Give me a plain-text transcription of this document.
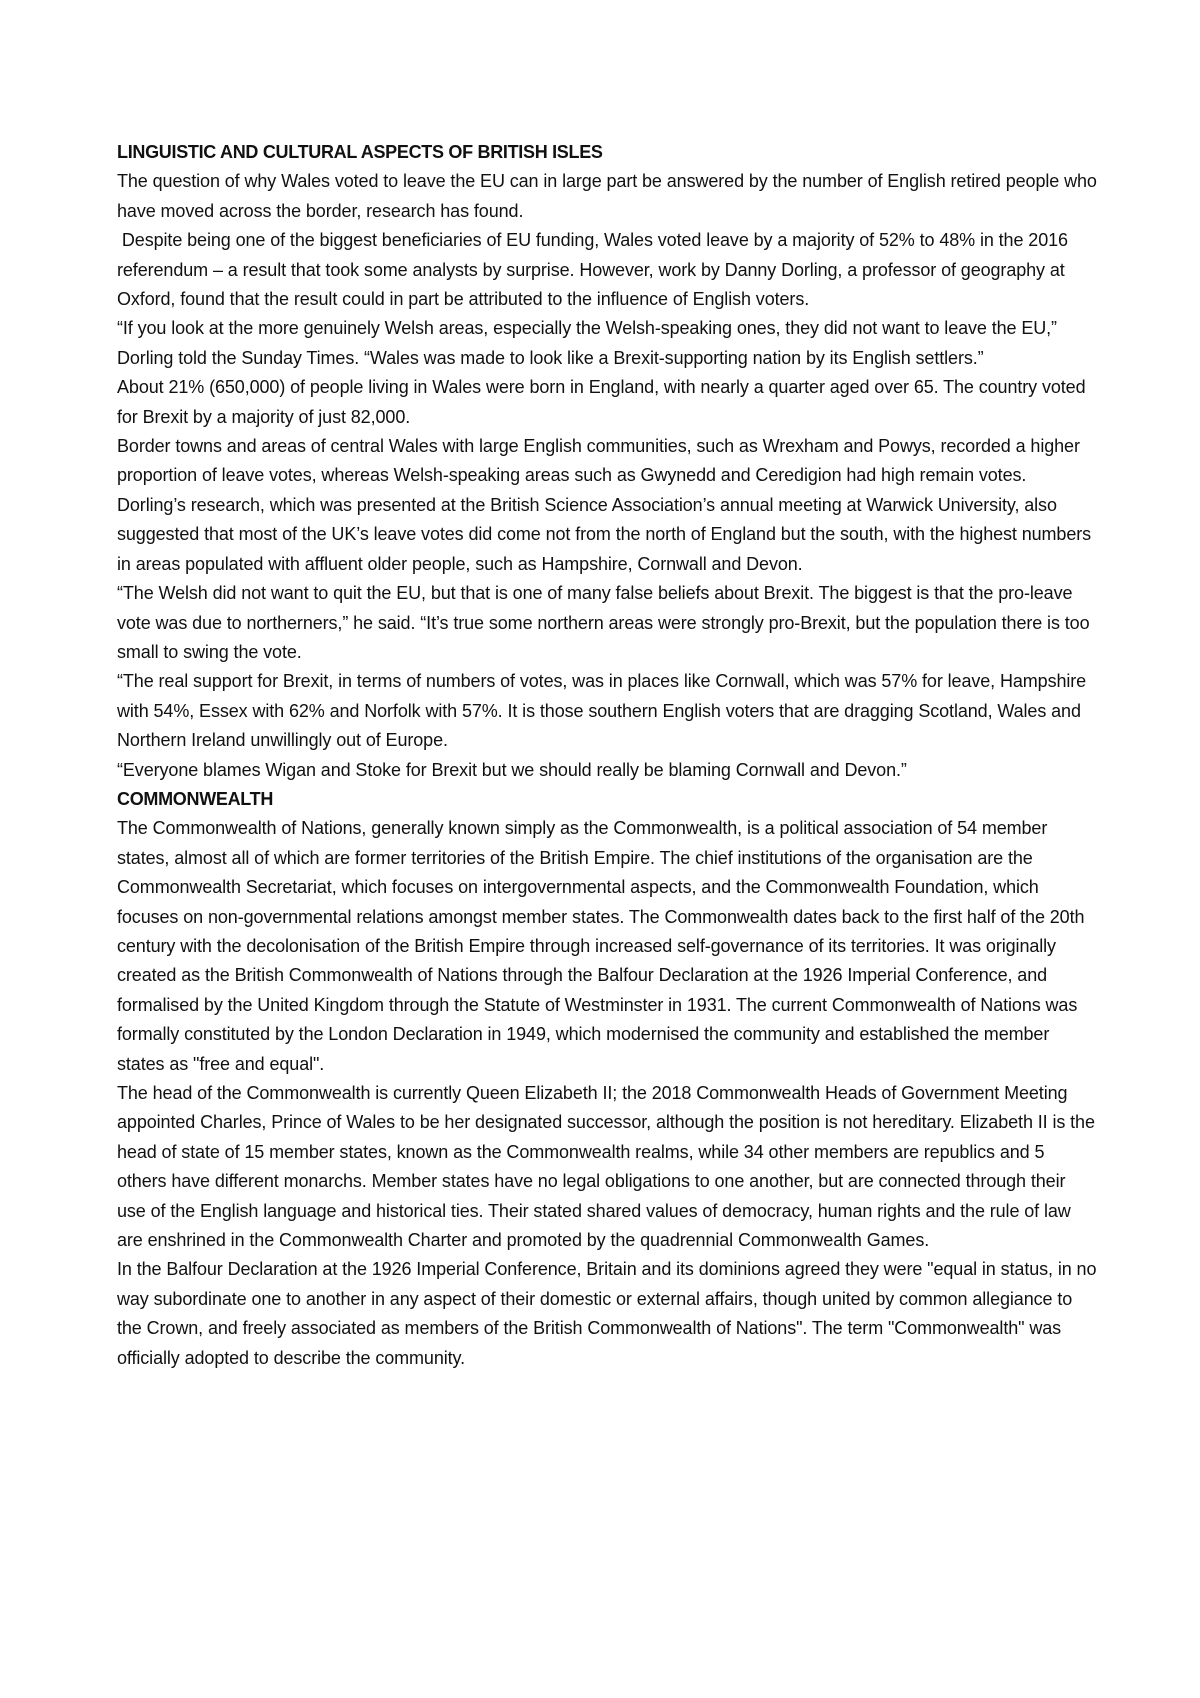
LINGUISTIC AND CULTURAL ASPECTS OF BRITISH ISLES

The question of why Wales voted to leave the EU can in large part be answered by the number of English retired people who have moved across the border, research has found.

Despite being one of the biggest beneficiaries of EU funding, Wales voted leave by a majority of 52% to 48% in the 2016 referendum – a result that took some analysts by surprise. However, work by Danny Dorling, a professor of geography at Oxford, found that the result could in part be attributed to the influence of English voters.

“If you look at the more genuinely Welsh areas, especially the Welsh-speaking ones, they did not want to leave the EU,” Dorling told the Sunday Times. “Wales was made to look like a Brexit-supporting nation by its English settlers.”

About 21% (650,000) of people living in Wales were born in England, with nearly a quarter aged over 65. The country voted for Brexit by a majority of just 82,000.

Border towns and areas of central Wales with large English communities, such as Wrexham and Powys, recorded a higher proportion of leave votes, whereas Welsh-speaking areas such as Gwynedd and Ceredigion had high remain votes.

Dorling’s research, which was presented at the British Science Association’s annual meeting at Warwick University, also suggested that most of the UK’s leave votes did come not from the north of England but the south, with the highest numbers in areas populated with affluent older people, such as Hampshire, Cornwall and Devon.

“The Welsh did not want to quit the EU, but that is one of many false beliefs about Brexit. The biggest is that the pro-leave vote was due to northerners,” he said. “It’s true some northern areas were strongly pro-Brexit, but the population there is too small to swing the vote.

“The real support for Brexit, in terms of numbers of votes, was in places like Cornwall, which was 57% for leave, Hampshire with 54%, Essex with 62% and Norfolk with 57%. It is those southern English voters that are dragging Scotland, Wales and Northern Ireland unwillingly out of Europe.

“Everyone blames Wigan and Stoke for Brexit but we should really be blaming Cornwall and Devon.”

COMMONWEALTH

The Commonwealth of Nations, generally known simply as the Commonwealth, is a political association of 54 member states, almost all of which are former territories of the British Empire. The chief institutions of the organisation are the Commonwealth Secretariat, which focuses on intergovernmental aspects, and the Commonwealth Foundation, which focuses on non-governmental relations amongst member states. The Commonwealth dates back to the first half of the 20th century with the decolonisation of the British Empire through increased self-governance of its territories. It was originally created as the British Commonwealth of Nations through the Balfour Declaration at the 1926 Imperial Conference, and formalised by the United Kingdom through the Statute of Westminster in 1931. The current Commonwealth of Nations was formally constituted by the London Declaration in 1949, which modernised the community and established the member states as "free and equal".

The head of the Commonwealth is currently Queen Elizabeth II; the 2018 Commonwealth Heads of Government Meeting appointed Charles, Prince of Wales to be her designated successor, although the position is not hereditary. Elizabeth II is the head of state of 15 member states, known as the Commonwealth realms, while 34 other members are republics and 5 others have different monarchs. Member states have no legal obligations to one another, but are connected through their use of the English language and historical ties. Their stated shared values of democracy, human rights and the rule of law are enshrined in the Commonwealth Charter and promoted by the quadrennial Commonwealth Games.

In the Balfour Declaration at the 1926 Imperial Conference, Britain and its dominions agreed they were "equal in status, in no way subordinate one to another in any aspect of their domestic or external affairs, though united by common allegiance to the Crown, and freely associated as members of the British Commonwealth of Nations". The term "Commonwealth" was officially adopted to describe the community.
